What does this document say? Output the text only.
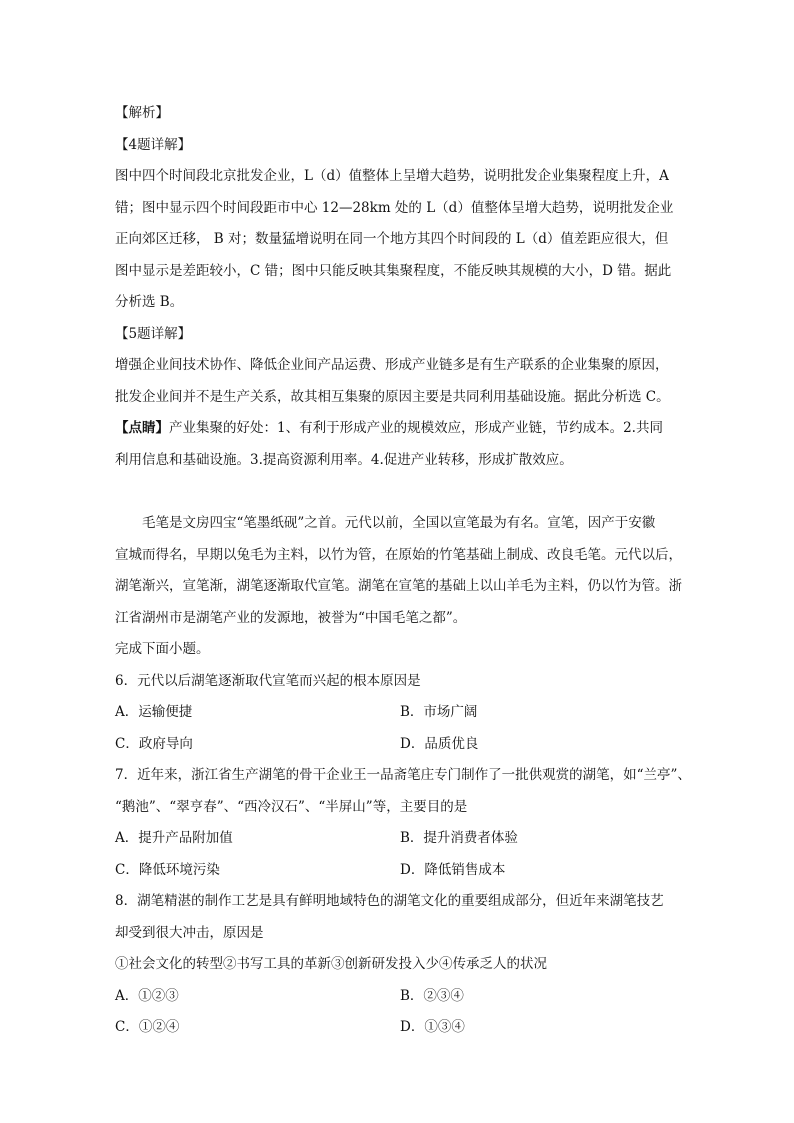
【解析】
【4题详解】
图中四个时间段北京批发企业，L（d）值整体上呈增大趋势，说明批发企业集聚程度上升，A
错；图中显示四个时间段距市中心 12—28km 处的 L（d）值整体呈增大趋势，说明批发企业
正向郊区迁移， B 对；数量猛增说明在同一个地方其四个时间段的 L（d）值差距应很大，但
图中显示是差距较小，C 错；图中只能反映其集聚程度，不能反映其规模的大小，D 错。据此
分析选 B。
【5题详解】
增强企业间技术协作、降低企业间产品运费、形成产业链多是有生产联系的企业集聚的原因，
批发企业间并不是生产关系，故其相互集聚的原因主要是共同利用基础设施。据此分析选 C。
【点睛】产业集聚的好处：1、有利于形成产业的规模效应，形成产业链，节约成本。2.共同
利用信息和基础设施。3.提高资源利用率。4.促进产业转移，形成扩散效应。
毛笔是文房四宝“笔墨纸砚”之首。元代以前，全国以宣笔最为有名。宣笔，因产于安徽
宣城而得名，早期以兔毛为主料，以竹为管，在原始的竹笔基础上制成、改良毛笔。元代以后，
湖笔渐兴，宣笔渐，湖笔逐渐取代宣笔。湖笔在宣笔的基础上以山羊毛为主料，仍以竹为管。浙
江省湖州市是湖笔产业的发源地，被誉为“中国毛笔之都”。
完成下面小题。
6．元代以后湖笔逐渐取代宣笔而兴起的根本原因是
A．运输便捷	B．市场广阔
C．政府导向	D．品质优良
7．近年来，浙江省生产湖笔的骨干企业王一品斋笔庄专门制作了一批供观赏的湖笔，如“兰亭”、
“鹅池”、“翠亨春”、“西冷汉石”、“半屏山”等，主要目的是
A．提升产品附加值	B．提升消费者体验
C．降低环境污染	D．降低销售成本
8．湖笔精湛的制作工艺是具有鲜明地域特色的湖笔文化的重要组成部分，但近年来湖笔技艺
却受到很大冲击，原因是
①社会文化的转型②书写工具的革新③创新研发投入少④传承乏人的状况
A．①②③	B．②③④
C．①②④	D．①③④
